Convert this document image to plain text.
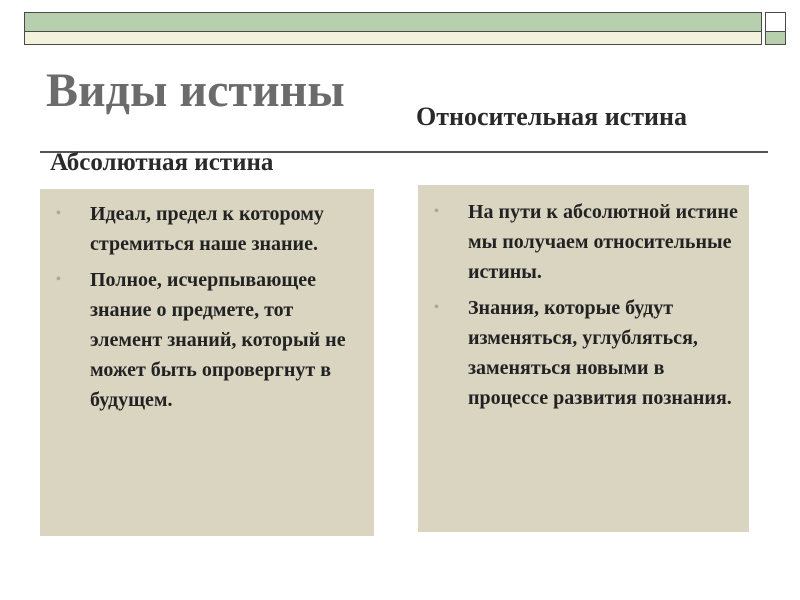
Виды истины
Абсолютная истина
Относительная истина
•	Идеал, предел к которому стремиться наше знание.
•	Полное, исчерпывающее знание о предмете, тот элемент знаний, который не может быть опровергнут в будущем.
•	На пути к абсолютной истине мы получаем относительные истины.
•	Знания, которые будут изменяться, углубляться, заменяться новыми в процессе развития познания.
